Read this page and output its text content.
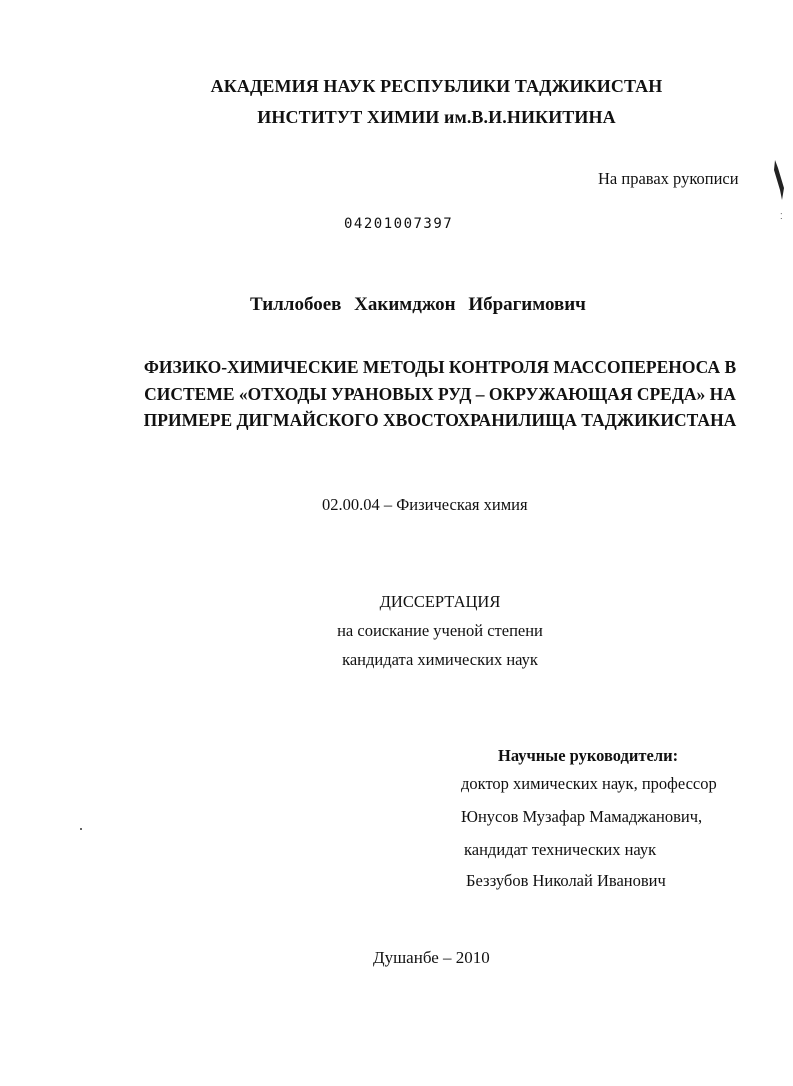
АКАДЕМИЯ НАУК РЕСПУБЛИКИ ТАДЖИКИСТАН
ИНСТИТУТ ХИМИИ им.В.И.НИКИТИНА
На правах рукописи
⁚
04201007397
Тиллобоев Хакимджон Ибрагимович
ФИЗИКО-ХИМИЧЕСКИЕ МЕТОДЫ КОНТРОЛЯ МАССОПЕРЕНОСА В
СИСТЕМЕ «ОТХОДЫ УРАНОВЫХ РУД – ОКРУЖАЮЩАЯ СРЕДА» НА
ПРИМЕРЕ ДИГМАЙСКОГО ХВОСТОХРАНИЛИЩА ТАДЖИКИСТАНА
02.00.04 – Физическая химия
ДИССЕРТАЦИЯ
на соискание ученой степени
кандидата химических наук
Научные руководители:
доктор химических наук, профессор
Юнусов Музафар Мамаджанович,
кандидат технических наук
Беззубов Николай Иванович
Душанбе – 2010
